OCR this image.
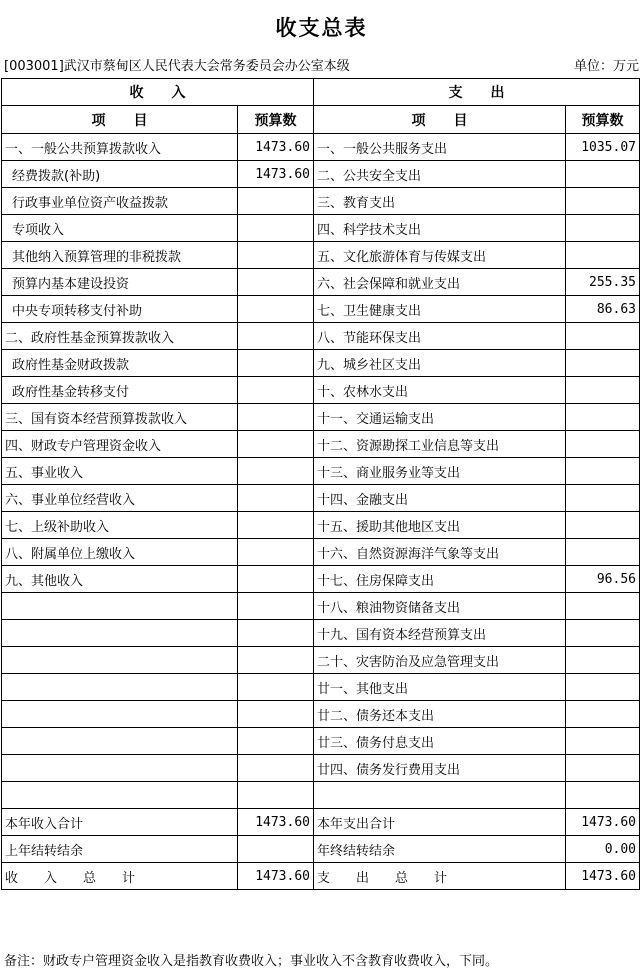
收支总表
[003001]武汉市蔡甸区人民代表大会常务委员会办公室本级	单位：万元
收　　入		支　　出	
项　　目	预算数	项　　目	预算数
一、一般公共预算拨款收入	1473.60	一、一般公共服务支出	1035.07
经费拨款(补助)	1473.60	二、公共安全支出	
行政事业单位资产收益拨款		三、教育支出	
专项收入		四、科学技术支出	
其他纳入预算管理的非税拨款		五、文化旅游体育与传媒支出	
预算内基本建设投资		六、社会保障和就业支出	255.35
中央专项转移支付补助		七、卫生健康支出	86.63
二、政府性基金预算拨款收入		八、节能环保支出	
政府性基金财政拨款		九、城乡社区支出	
政府性基金转移支付		十、农林水支出	
三、国有资本经营预算拨款收入		十一、交通运输支出	
四、财政专户管理资金收入		十二、资源勘探工业信息等支出	
五、事业收入		十三、商业服务业等支出	
六、事业单位经营收入		十四、金融支出	
七、上级补助收入		十五、援助其他地区支出	
八、附属单位上缴收入		十六、自然资源海洋气象等支出	
九、其他收入		十七、住房保障支出	96.56
		十八、粮油物资储备支出	
		十九、国有资本经营预算支出	
		二十、灾害防治及应急管理支出	
		廿一、其他支出	
		廿二、债务还本支出	
		廿三、债务付息支出	
		廿四、债务发行费用支出	

本年收入合计	1473.60	本年支出合计	1473.60
上年结转结余		年终结转结余	0.00
收　　入　　总　　计	1473.60	支　　出　　总　　计	1473.60
备注：财政专户管理资金收入是指教育收费收入；事业收入不含教育收费收入，下同。
